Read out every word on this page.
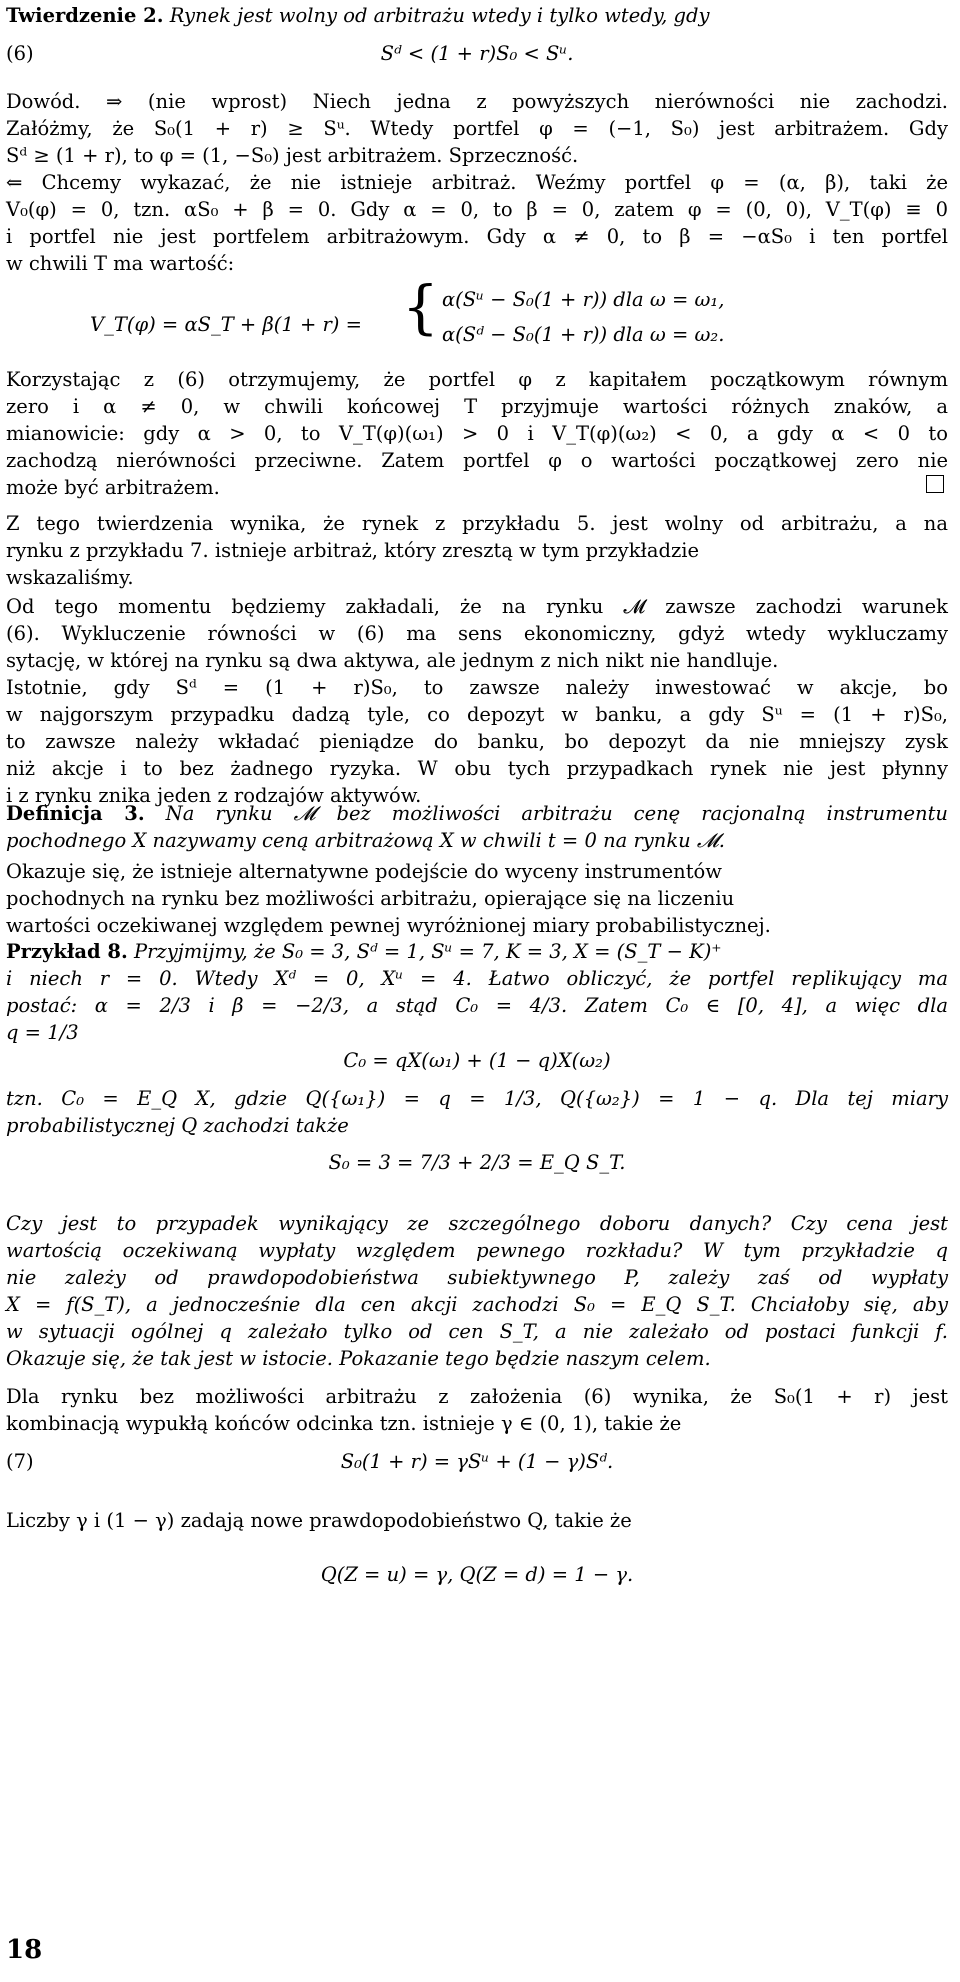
Twierdzenie 2. Rynek jest wolny od arbitrażu wtedy i tylko wtedy, gdy
(6)	Sᵈ < (1 + r)S₀ < Sᵘ.
Dowód. ⇒ (nie wprost) Niech jedna z powyższych nierówności nie zachodzi.
Załóżmy, że S₀(1 + r) ≥ Sᵘ. Wtedy portfel φ = (−1, S₀) jest arbitrażem. Gdy
Sᵈ ≥ (1 + r), to φ = (1, −S₀) jest arbitrażem. Sprzeczność.
⇐ Chcemy wykazać, że nie istnieje arbitraż. Weźmy portfel φ = (α, β), taki że
V₀(φ) = 0, tzn. αS₀ + β = 0. Gdy α = 0, to β = 0, zatem φ = (0, 0), V_T(φ) ≡ 0
i portfel nie jest portfelem arbitrażowym. Gdy α ≠ 0, to β = −αS₀ i ten portfel
w chwili T ma wartość:
V_T(φ) = αS_T + β(1 + r) = { α(Sᵘ − S₀(1 + r)) dla ω = ω₁,
α(Sᵈ − S₀(1 + r)) dla ω = ω₂.
Korzystając z (6) otrzymujemy, że portfel φ z kapitałem początkowym równym
zero i α ≠ 0, w chwili końcowej T przyjmuje wartości różnych znaków, a
mianowicie: gdy α > 0, to V_T(φ)(ω₁) > 0 i V_T(φ)(ω₂) < 0, a gdy α < 0 to
zachodzą nierówności przeciwne. Zatem portfel φ o wartości początkowej zero nie
może być arbitrażem.
Z tego twierdzenia wynika, że rynek z przykładu 5. jest wolny od arbitrażu, a na
rynku z przykładu 7. istnieje arbitraż, który zresztą w tym przykładzie
wskazaliśmy.
Od tego momentu będziemy zakładali, że na rynku 𝓜 zawsze zachodzi warunek
(6). Wykluczenie równości w (6) ma sens ekonomiczny, gdyż wtedy wykluczamy
sytację, w której na rynku są dwa aktywa, ale jednym z nich nikt nie handluje.
Istotnie, gdy Sᵈ = (1 + r)S₀, to zawsze należy inwestować w akcje, bo
w najgorszym przypadku dadzą tyle, co depozyt w banku, a gdy Sᵘ = (1 + r)S₀,
to zawsze należy wkładać pieniądze do banku, bo depozyt da nie mniejszy zysk
niż akcje i to bez żadnego ryzyka. W obu tych przypadkach rynek nie jest płynny
i z rynku znika jeden z rodzajów aktywów.
Definicja 3. Na rynku 𝓜 bez możliwości arbitrażu cenę racjonalną instrumentu
pochodnego X nazywamy ceną arbitrażową X w chwili t = 0 na rynku 𝓜.
Okazuje się, że istnieje alternatywne podejście do wyceny instrumentów
pochodnych na rynku bez możliwości arbitrażu, opierające się na liczeniu
wartości oczekiwanej względem pewnej wyróżnionej miary probabilistycznej.
Przykład 8. Przyjmijmy, że S₀ = 3, Sᵈ = 1, Sᵘ = 7, K = 3, X = (S_T − K)⁺
i niech r = 0. Wtedy Xᵈ = 0, Xᵘ = 4. Łatwo obliczyć, że portfel replikujący ma
postać: α = 2/3 i β = −2/3, a stąd C₀ = 4/3. Zatem C₀ ∈ [0, 4], a więc dla
q = 1/3
C₀ = qX(ω₁) + (1 − q)X(ω₂)
tzn. C₀ = E_Q X, gdzie Q({ω₁}) = q = 1/3, Q({ω₂}) = 1 − q. Dla tej miary
probabilistycznej Q zachodzi także
S₀ = 3 = 7/3 + 2/3 = E_Q S_T.
Czy jest to przypadek wynikający ze szczególnego doboru danych? Czy cena jest
wartością oczekiwaną wypłaty względem pewnego rozkładu? W tym przykładzie q
nie zależy od prawdopodobieństwa subiektywnego P, zależy zaś od wypłaty
X = f(S_T), a jednocześnie dla cen akcji zachodzi S₀ = E_Q S_T. Chciałoby się, aby
w sytuacji ogólnej q zależało tylko od cen S_T, a nie zależało od postaci funkcji f.
Okazuje się, że tak jest w istocie. Pokazanie tego będzie naszym celem.
Dla rynku bez możliwości arbitrażu z założenia (6) wynika, że S₀(1 + r) jest
kombinacją wypukłą końców odcinka tzn. istnieje γ ∈ (0, 1), takie że
(7)	S₀(1 + r) = γSᵘ + (1 − γ)Sᵈ.
Liczby γ i (1 − γ) zadają nowe prawdopodobieństwo Q, takie że
Q(Z = u) = γ, Q(Z = d) = 1 − γ.
18
